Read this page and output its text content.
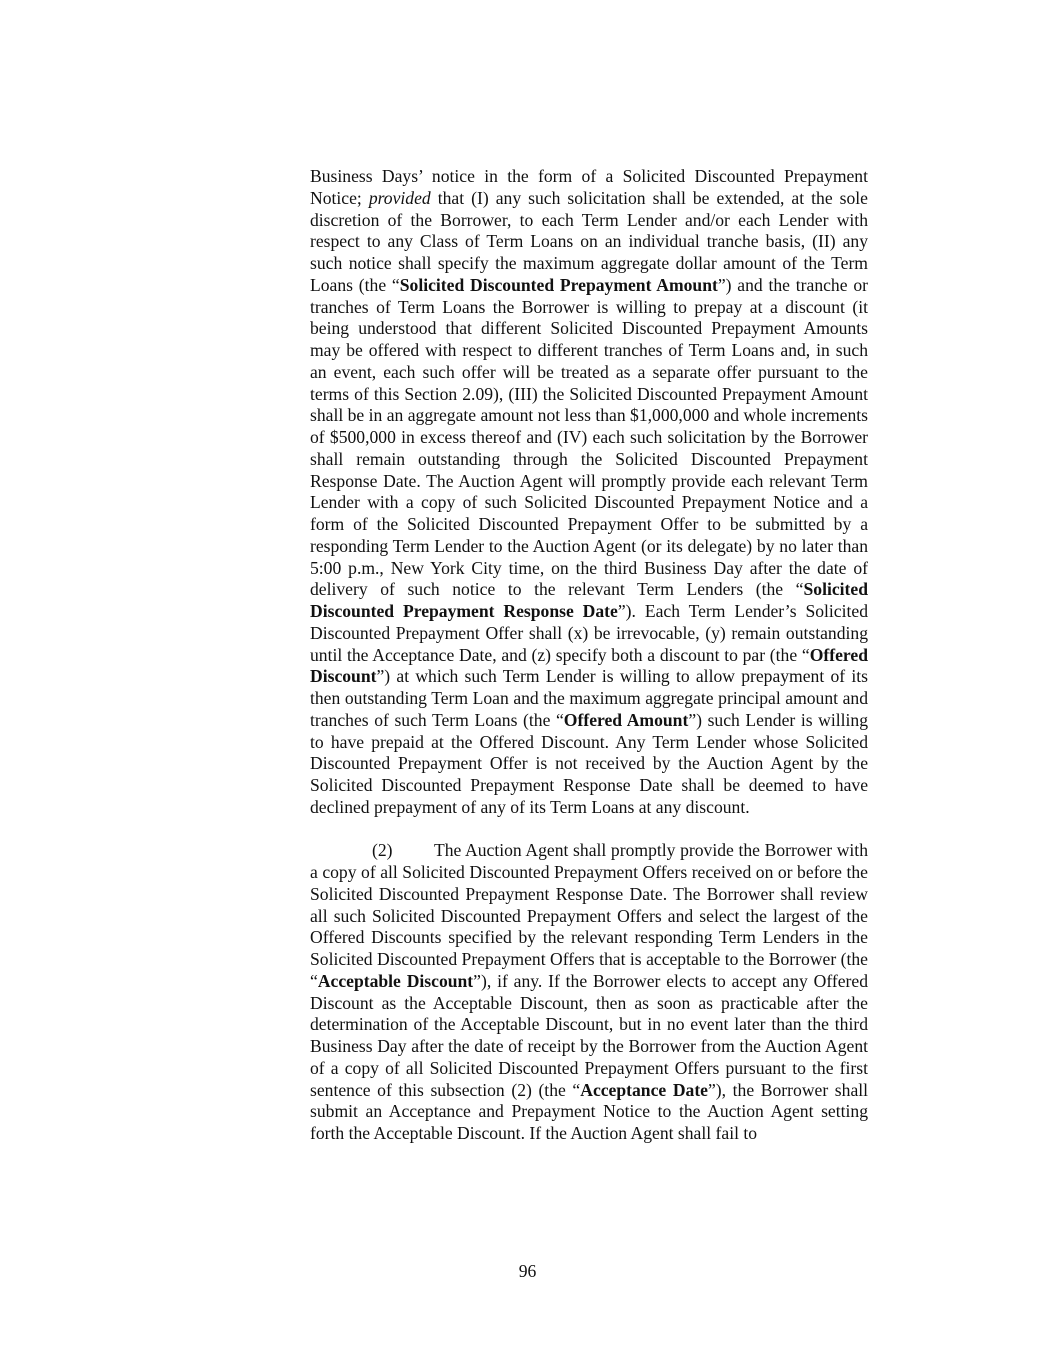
Business Days’ notice in the form of a Solicited Discounted Prepayment Notice; provided that (I) any such solicitation shall be extended, at the sole discretion of the Borrower, to each Term Lender and/or each Lender with respect to any Class of Term Loans on an individual tranche basis, (II) any such notice shall specify the maximum aggregate dollar amount of the Term Loans (the “Solicited Discounted Prepayment Amount”) and the tranche or tranches of Term Loans the Borrower is willing to prepay at a discount (it being understood that different Solicited Discounted Prepayment Amounts may be offered with respect to different tranches of Term Loans and, in such an event, each such offer will be treated as a separate offer pursuant to the terms of this Section 2.09), (III) the Solicited Discounted Prepayment Amount shall be in an aggregate amount not less than $1,000,000 and whole increments of $500,000 in excess thereof and (IV) each such solicitation by the Borrower shall remain outstanding through the Solicited Discounted Prepayment Response Date. The Auction Agent will promptly provide each relevant Term Lender with a copy of such Solicited Discounted Prepayment Notice and a form of the Solicited Discounted Prepayment Offer to be submitted by a responding Term Lender to the Auction Agent (or its delegate) by no later than 5:00 p.m., New York City time, on the third Business Day after the date of delivery of such notice to the relevant Term Lenders (the “Solicited Discounted Prepayment Response Date”). Each Term Lender’s Solicited Discounted Prepayment Offer shall (x) be irrevocable, (y) remain outstanding until the Acceptance Date, and (z) specify both a discount to par (the “Offered Discount”) at which such Term Lender is willing to allow prepayment of its then outstanding Term Loan and the maximum aggregate principal amount and tranches of such Term Loans (the “Offered Amount”) such Lender is willing to have prepaid at the Offered Discount. Any Term Lender whose Solicited Discounted Prepayment Offer is not received by the Auction Agent by the Solicited Discounted Prepayment Response Date shall be deemed to have declined prepayment of any of its Term Loans at any discount.

(2) The Auction Agent shall promptly provide the Borrower with a copy of all Solicited Discounted Prepayment Offers received on or before the Solicited Discounted Prepayment Response Date. The Borrower shall review all such Solicited Discounted Prepayment Offers and select the largest of the Offered Discounts specified by the relevant responding Term Lenders in the Solicited Discounted Prepayment Offers that is acceptable to the Borrower (the “Acceptable Discount”), if any. If the Borrower elects to accept any Offered Discount as the Acceptable Discount, then as soon as practicable after the determination of the Acceptable Discount, but in no event later than the third Business Day after the date of receipt by the Borrower from the Auction Agent of a copy of all Solicited Discounted Prepayment Offers pursuant to the first sentence of this subsection (2) (the “Acceptance Date”), the Borrower shall submit an Acceptance and Prepayment Notice to the Auction Agent setting forth the Acceptable Discount. If the Auction Agent shall fail to

96
